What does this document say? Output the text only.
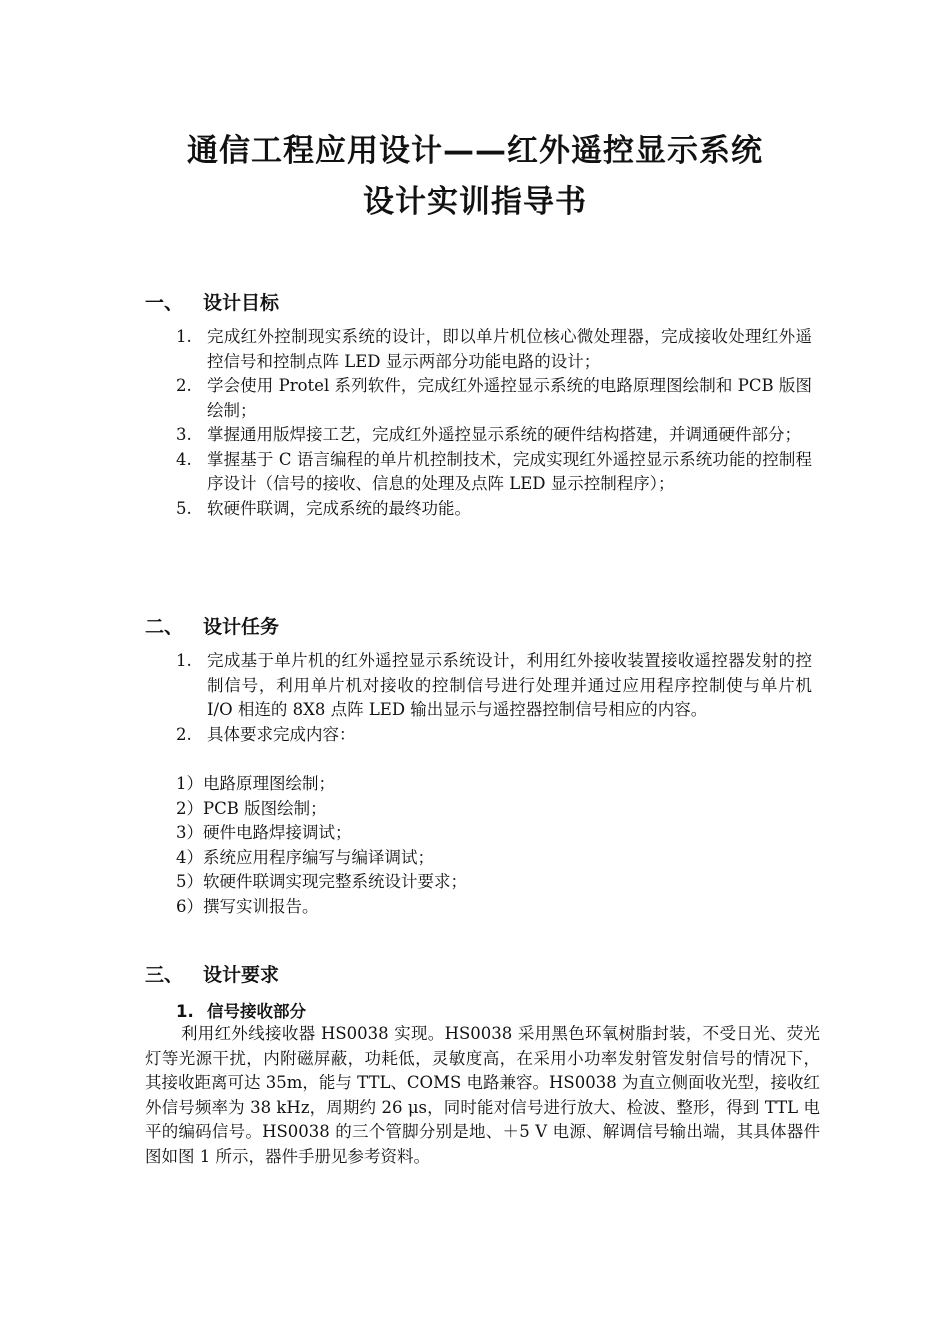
通信工程应用设计——红外遥控显示系统
设计实训指导书
一、 设计目标
1. 完成红外控制现实系统的设计，即以单片机位核心微处理器，完成接收处理红外遥控信号和控制点阵 LED 显示两部分功能电路的设计；
2. 学会使用 Protel 系列软件，完成红外遥控显示系统的电路原理图绘制和 PCB 版图绘制；
3. 掌握通用版焊接工艺，完成红外遥控显示系统的硬件结构搭建，并调通硬件部分；
4. 掌握基于 C 语言编程的单片机控制技术，完成实现红外遥控显示系统功能的控制程序设计（信号的接收、信息的处理及点阵 LED 显示控制程序）；
5. 软硬件联调，完成系统的最终功能。
二、 设计任务
1. 完成基于单片机的红外遥控显示系统设计，利用红外接收装置接收遥控器发射的控制信号，利用单片机对接收的控制信号进行处理并通过应用程序控制使与单片机 I/O 相连的 8X8 点阵 LED 输出显示与遥控器控制信号相应的内容。
2. 具体要求完成内容：
1）电路原理图绘制；
2）PCB 版图绘制；
3）硬件电路焊接调试；
4）系统应用程序编写与编译调试；
5）软硬件联调实现完整系统设计要求；
6）撰写实训报告。
三、 设计要求
1. 信号接收部分

利用红外线接收器 HS0038 实现。HS0038 采用黑色环氧树脂封装，不受日光、荧光灯等光源干扰，内附磁屏蔽，功耗低，灵敏度高，在采用小功率发射管发射信号的情况下，其接收距离可达 35m，能与 TTL、COMS 电路兼容。HS0038 为直立侧面收光型，接收红外信号频率为 38 kHz，周期约 26 μs，同时能对信号进行放大、检波、整形，得到 TTL 电平的编码信号。HS0038 的三个管脚分别是地、＋5 V 电源、解调信号输出端，其具体器件图如图 1 所示，器件手册见参考资料。
